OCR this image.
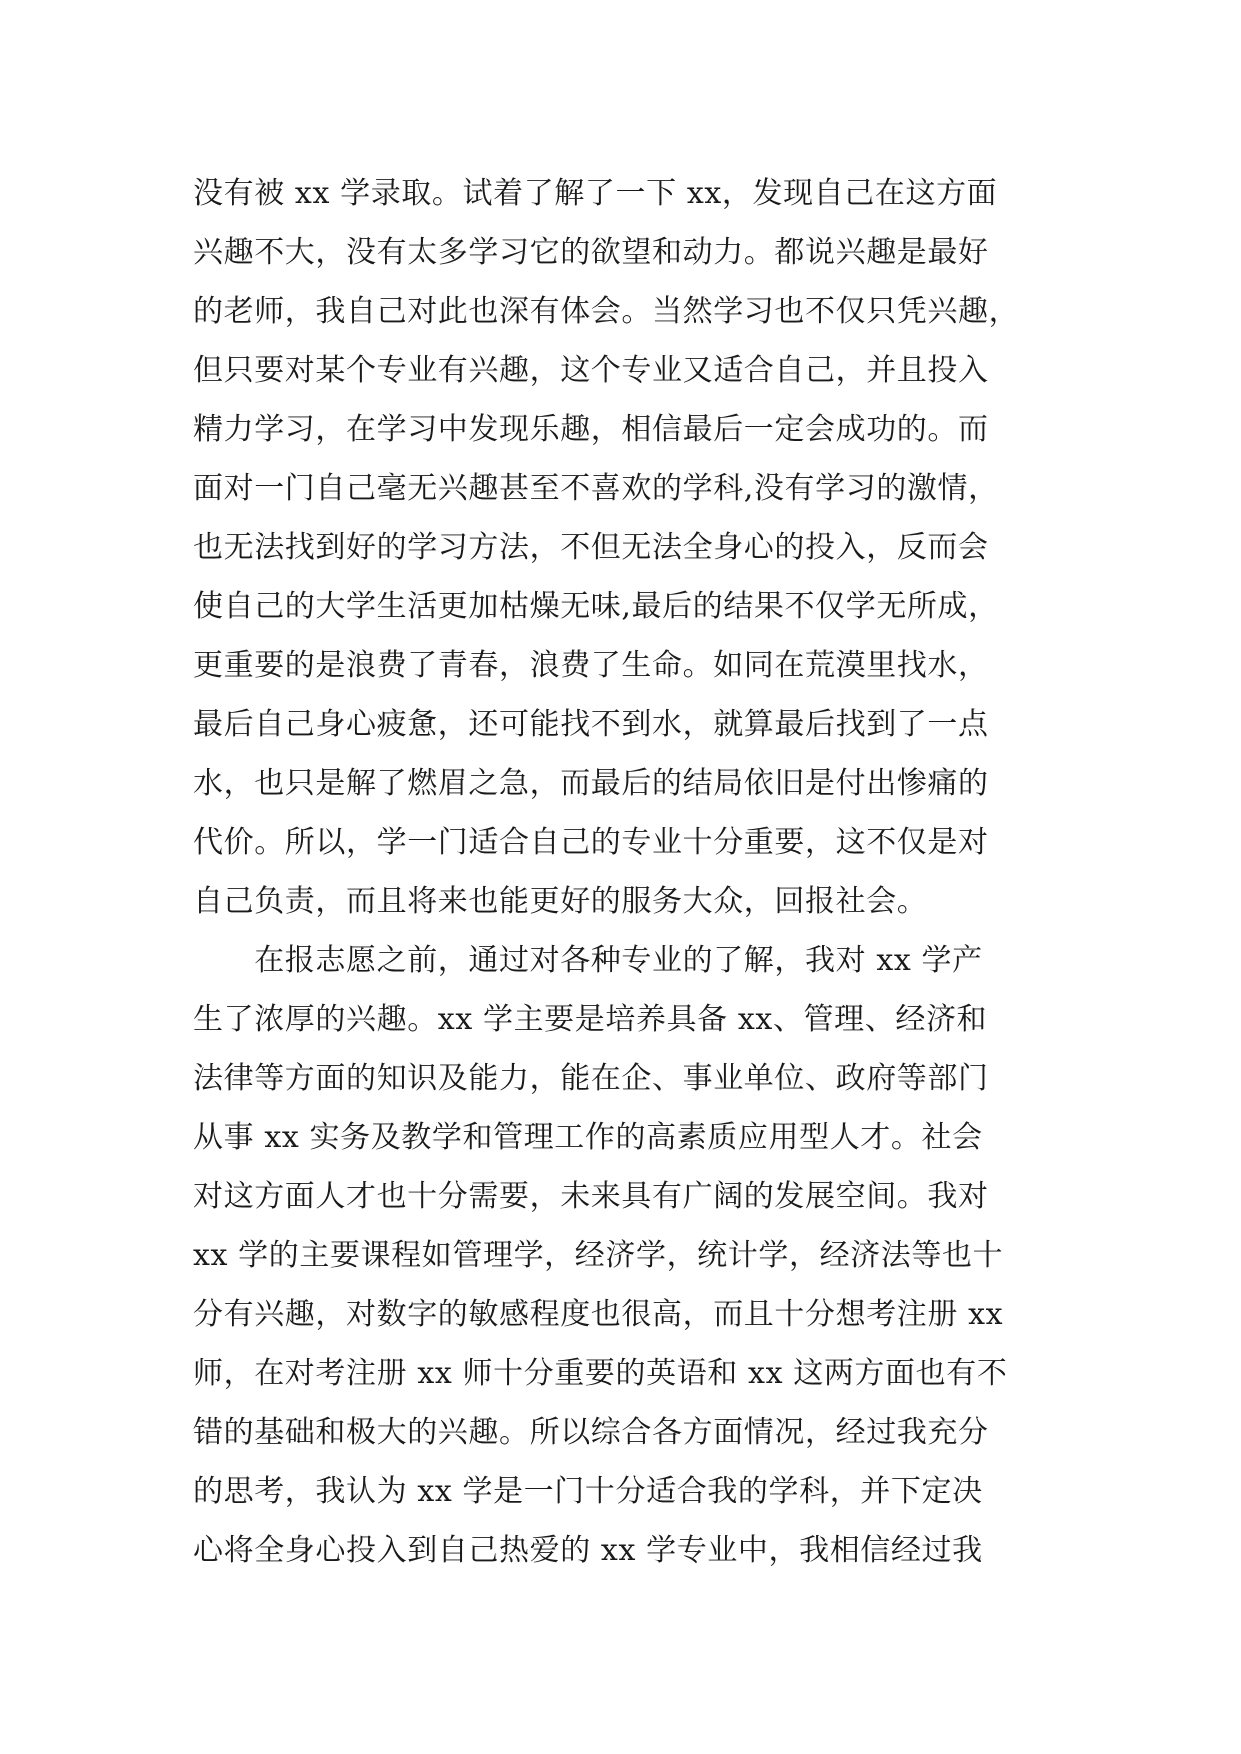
没有被 xx 学录取。试着了解了一下 xx，发现自己在这方面
兴趣不大，没有太多学习它的欲望和动力。都说兴趣是最好
的老师，我自己对此也深有体会。当然学习也不仅只凭兴趣，
但只要对某个专业有兴趣，这个专业又适合自己，并且投入
精力学习，在学习中发现乐趣，相信最后一定会成功的。而
面对一门自己毫无兴趣甚至不喜欢的学科,没有学习的激情，
也无法找到好的学习方法，不但无法全身心的投入，反而会
使自己的大学生活更加枯燥无味,最后的结果不仅学无所成，
更重要的是浪费了青春，浪费了生命。如同在荒漠里找水，
最后自己身心疲惫，还可能找不到水，就算最后找到了一点
水，也只是解了燃眉之急，而最后的结局依旧是付出惨痛的
代价。所以，学一门适合自己的专业十分重要，这不仅是对
自己负责，而且将来也能更好的服务大众，回报社会。
　　在报志愿之前，通过对各种专业的了解，我对 xx 学产
生了浓厚的兴趣。xx 学主要是培养具备 xx、管理、经济和
法律等方面的知识及能力，能在企、事业单位、政府等部门
从事 xx 实务及教学和管理工作的高素质应用型人才。社会
对这方面人才也十分需要，未来具有广阔的发展空间。我对
xx 学的主要课程如管理学，经济学，统计学，经济法等也十
分有兴趣，对数字的敏感程度也很高，而且十分想考注册 xx
师，在对考注册 xx 师十分重要的英语和 xx 这两方面也有不
错的基础和极大的兴趣。所以综合各方面情况，经过我充分
的思考，我认为 xx 学是一门十分适合我的学科，并下定决
心将全身心投入到自己热爱的 xx 学专业中，我相信经过我
